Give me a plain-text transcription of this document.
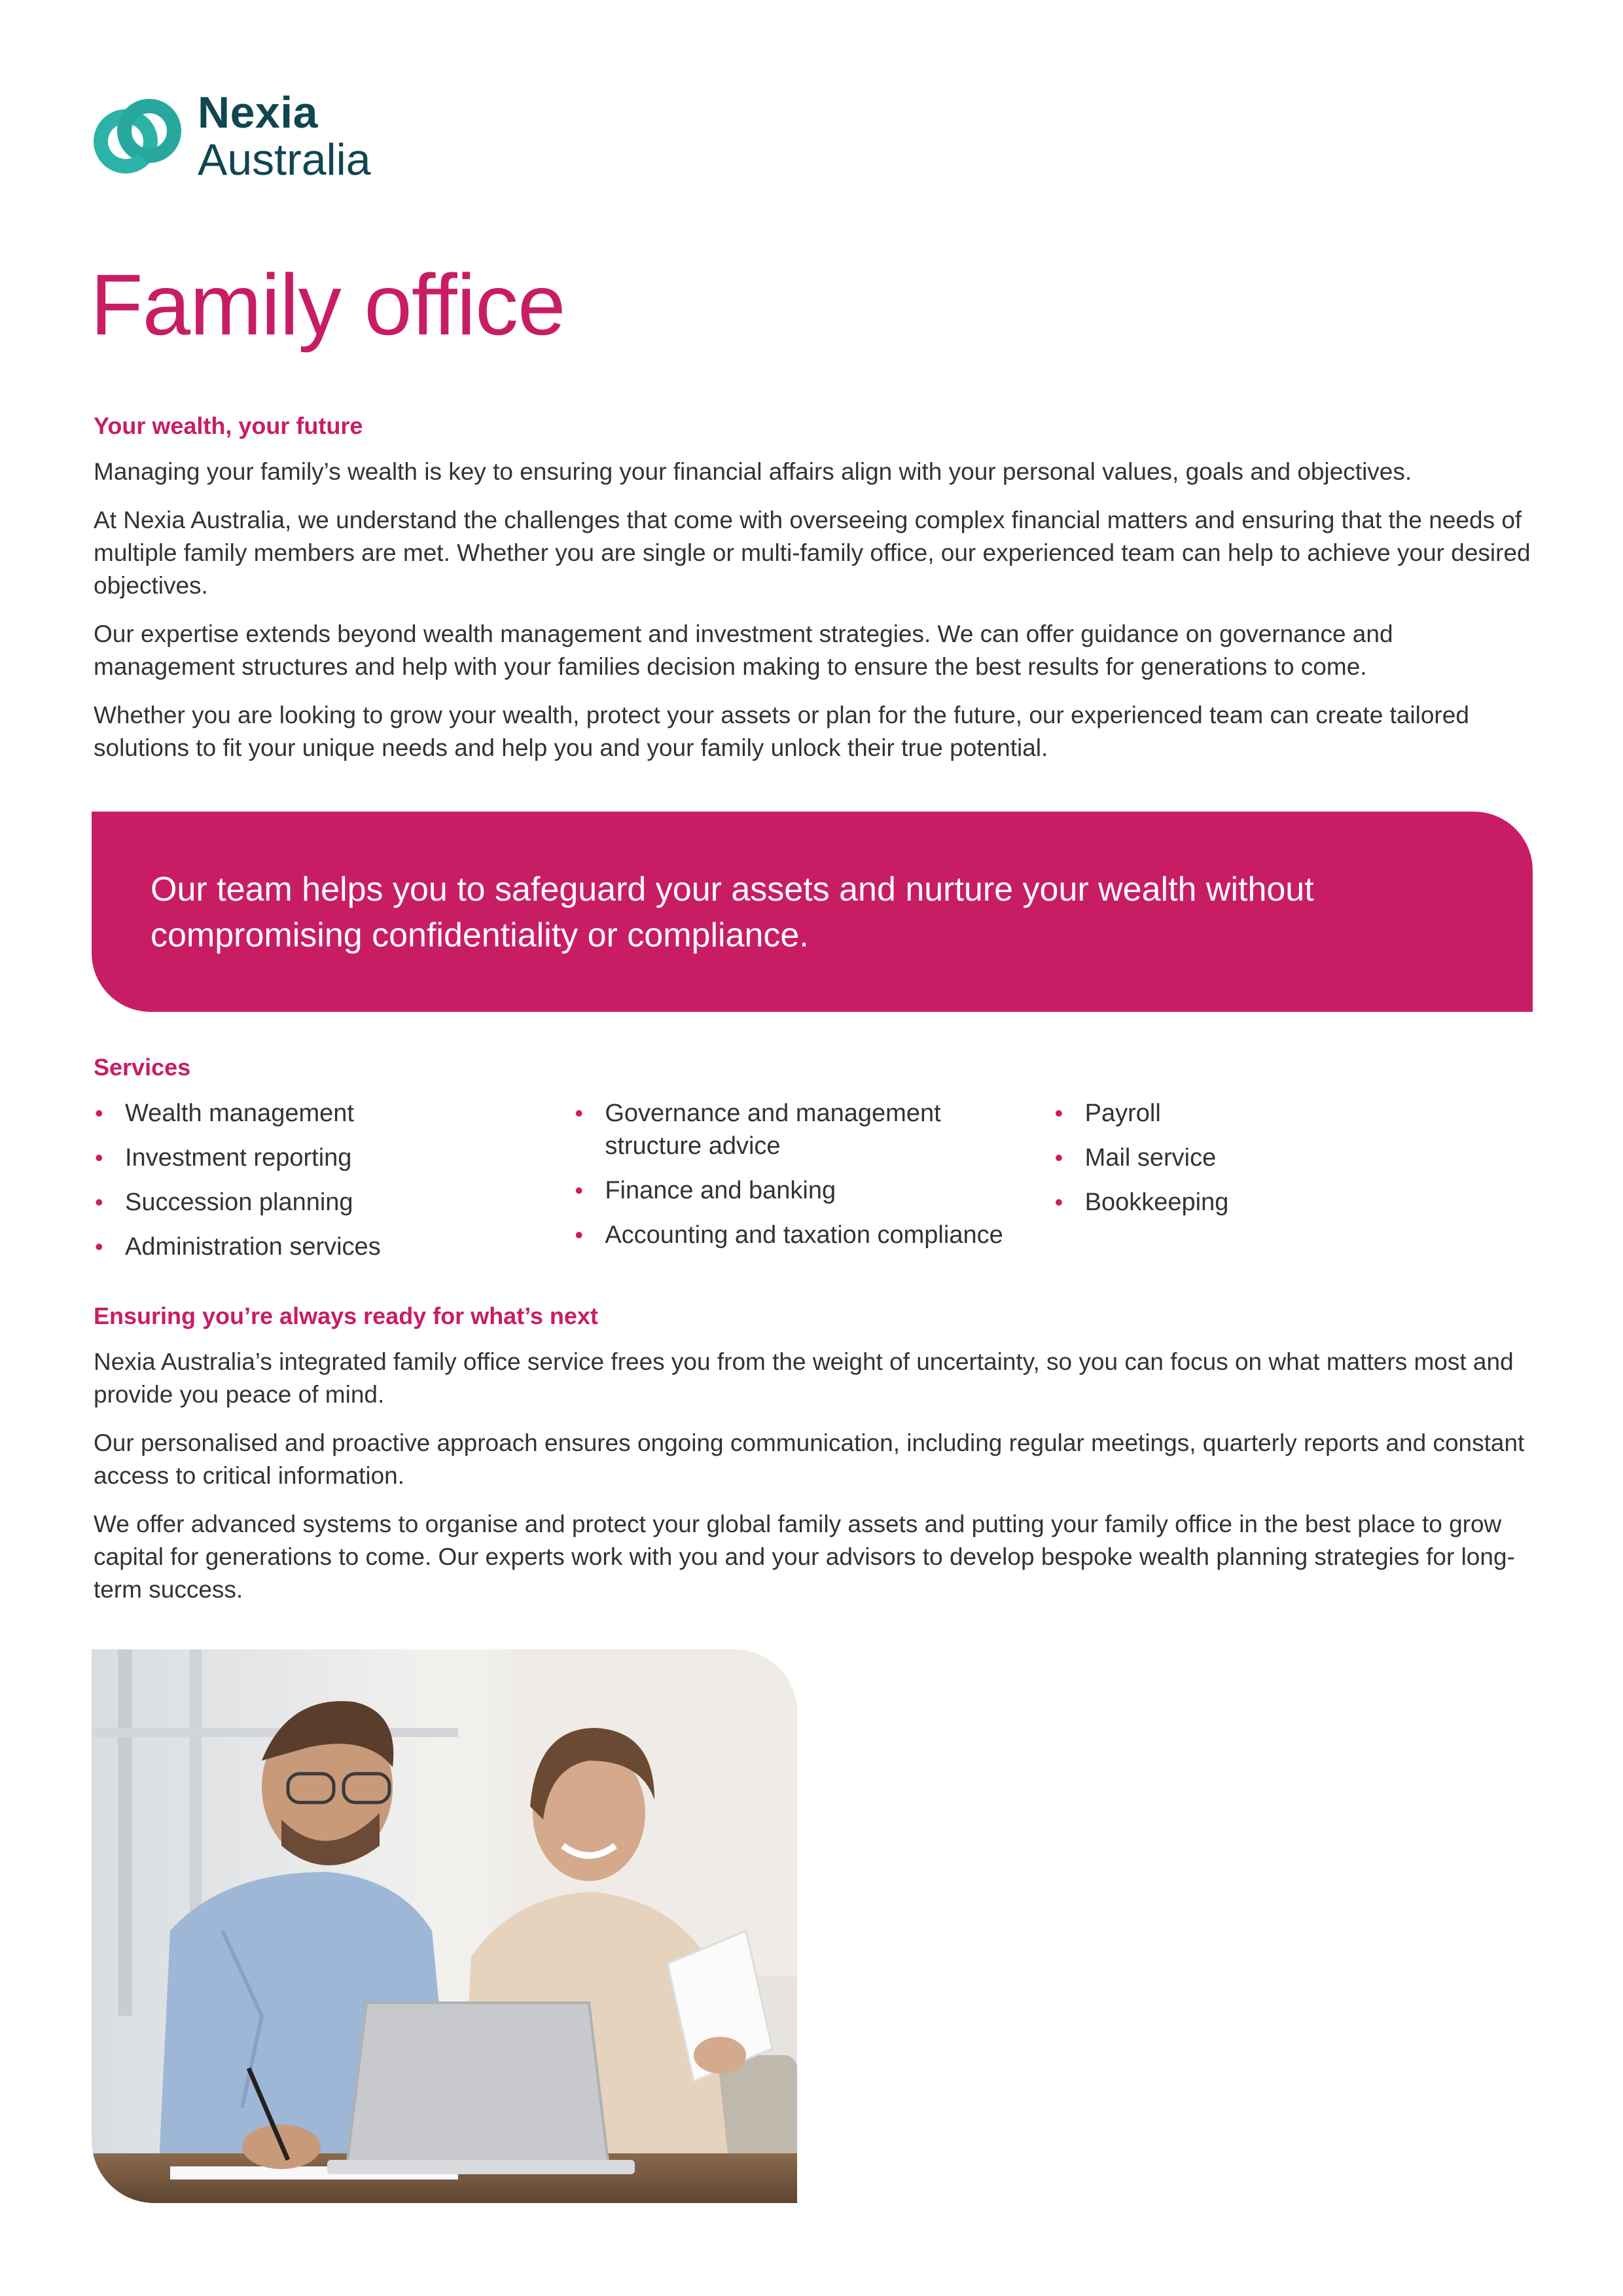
Nexia
Australia
Family office

Your wealth, your future

Managing your family’s wealth is key to ensuring your financial affairs align with your personal values, goals and objectives.

At Nexia Australia, we understand the challenges that come with overseeing complex financial matters and ensuring that the needs of multiple family members are met. Whether you are single or multi-family office, our experienced team can help to achieve your desired objectives.

Our expertise extends beyond wealth management and investment strategies. We can offer guidance on governance and management structures and help with your families decision making to ensure the best results for generations to come.

Whether you are looking to grow your wealth, protect your assets or plan for the future, our experienced team can create tailored solutions to fit your unique needs and help you and your family unlock their true potential.

Our team helps you to safeguard your assets and nurture your wealth without compromising confidentiality or compliance.

Services

• Wealth management
• Investment reporting
• Succession planning
• Administration services
• Governance and management structure advice
• Finance and banking
• Accounting and taxation compliance
• Payroll
• Mail service
• Bookkeeping

Ensuring you’re always ready for what’s next

Nexia Australia’s integrated family office service frees you from the weight of uncertainty, so you can focus on what matters most and provide you peace of mind.

Our personalised and proactive approach ensures ongoing communication, including regular meetings, quarterly reports and constant access to critical information.

We offer advanced systems to organise and protect your global family assets and putting your family office in the best place to grow capital for generations to come. Our experts work with you and your advisors to develop bespoke wealth planning strategies for long-term success.
